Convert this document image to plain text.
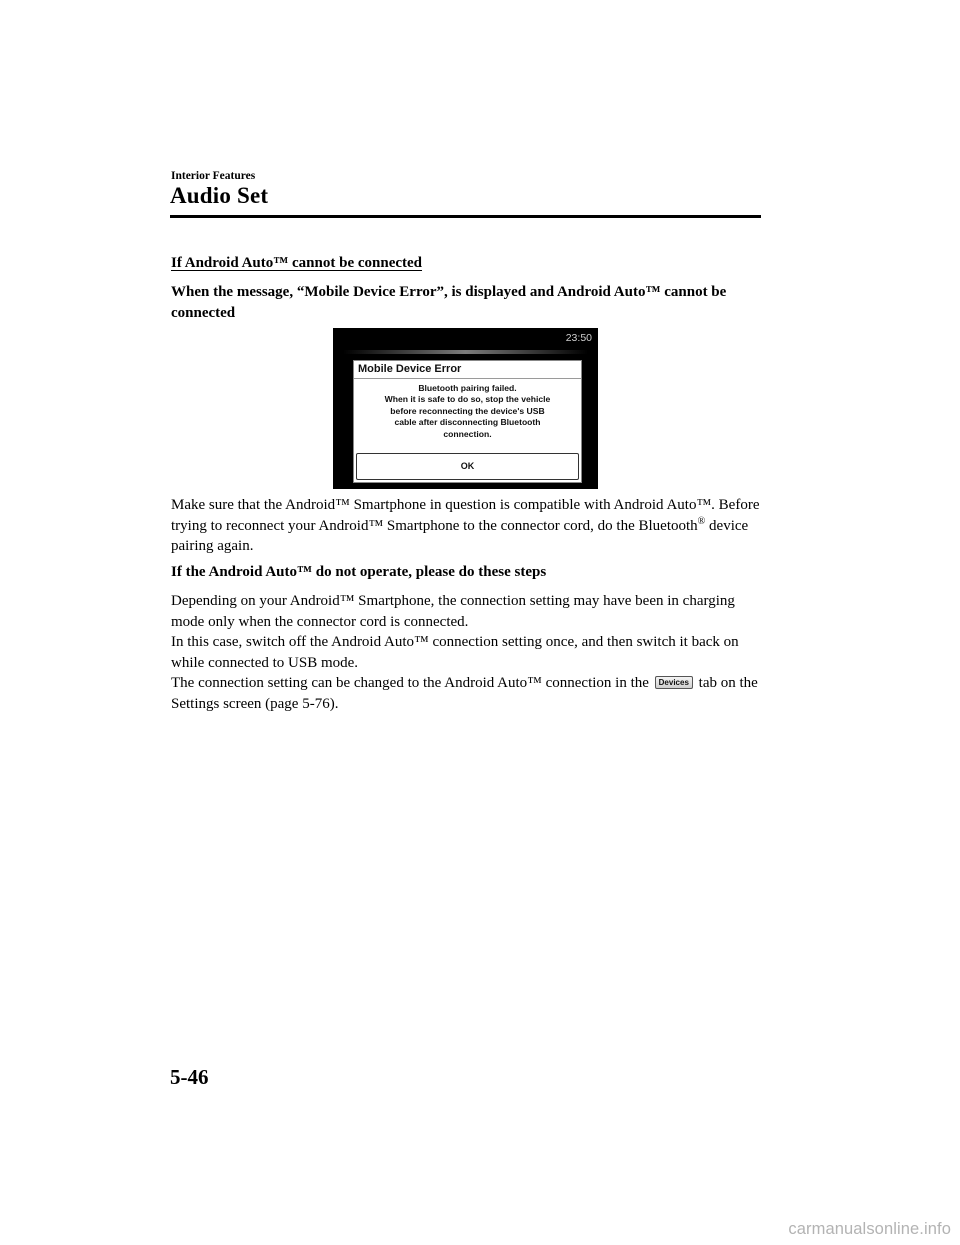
Interior Features
Audio Set
If Android Auto™ cannot be connected
When the message, “Mobile Device Error”, is displayed and Android Auto™ cannot be connected
23:50
Mobile Device Error
Bluetooth pairing failed.
When it is safe to do so, stop the vehicle
before reconnecting the device's USB
cable after disconnecting Bluetooth
connection.
OK

Make sure that the Android™ Smartphone in question is compatible with Android Auto™. Before trying to reconnect your Android™ Smartphone to the connector cord, do the Bluetooth® device pairing again.

If the Android Auto™ do not operate, please do these steps

Depending on your Android™ Smartphone, the connection setting may have been in charging mode only when the connector cord is connected.

In this case, switch off the Android Auto™ connection setting once, and then switch it back on while connected to USB mode.

The connection setting can be changed to the Android Auto™ connection in the Devices tab on the Settings screen (page 5-76).

5-46
carmanualsonline.info
